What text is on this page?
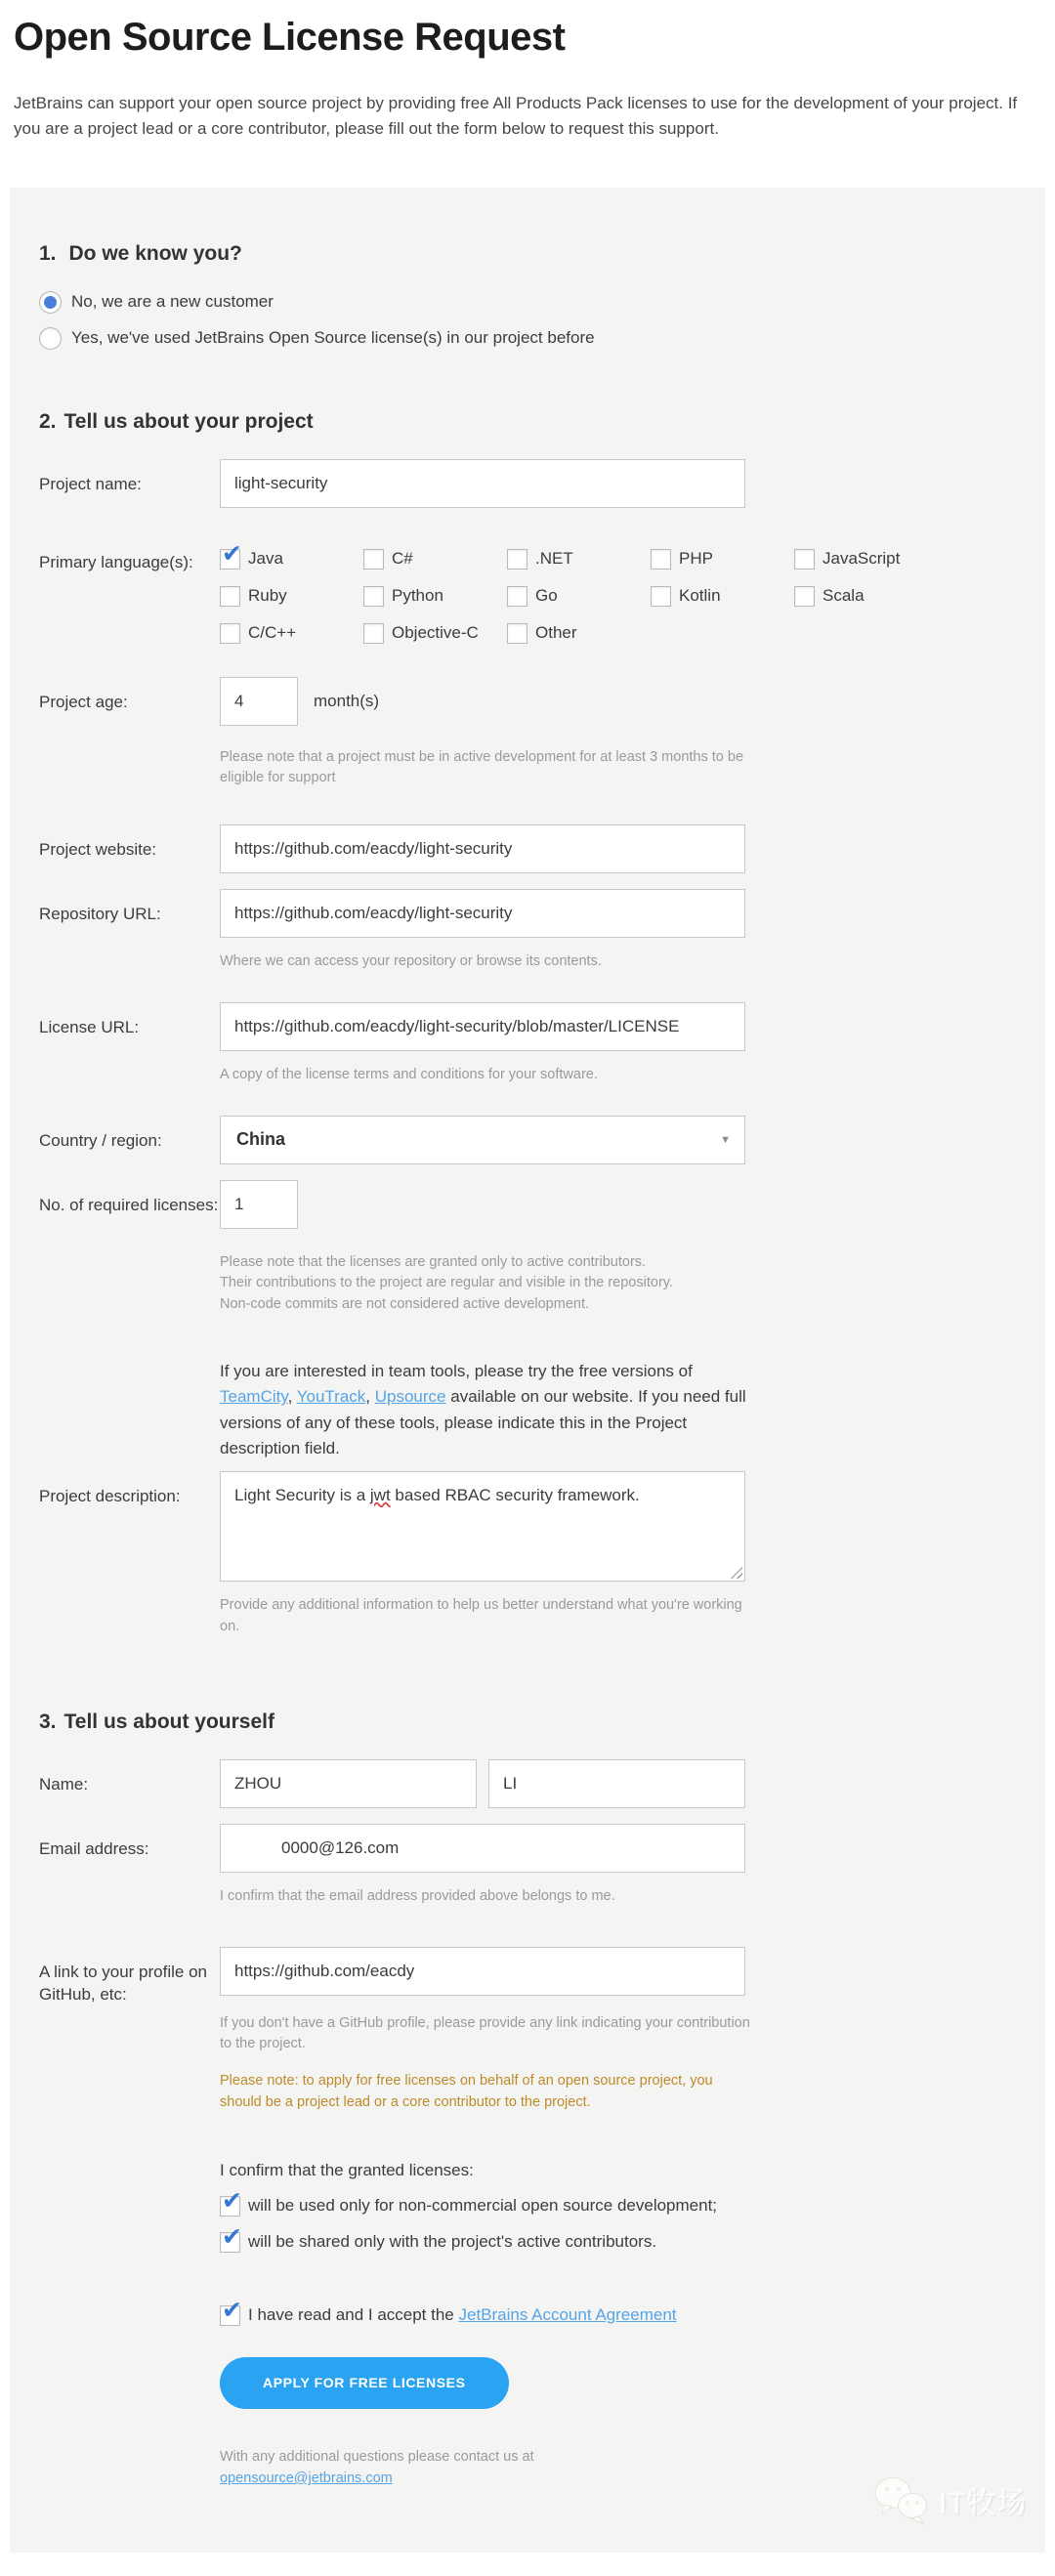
Open Source License Request

JetBrains can support your open source project by providing free All Products Pack licenses to use for the development of your project. If you are a project lead or a core contributor, please fill out the form below to request this support.

1. Do we know you?
No, we are a new customer
Yes, we've used JetBrains Open Source license(s) in our project before
2. Tell us about your project
Project name:
light-security
Primary language(s):	✔ Java	C#	.NET	PHP	JavaScript
Ruby	Python	Go	Kotlin	Scala
C/C++	Objective-C	Other
Project age:
4	month(s)

Please note that a project must be in active development for at least 3 months to be eligible for support

Project website:
https://github.com/eacdy/light-security
Repository URL:
https://github.com/eacdy/light-security

Where we can access your repository or browse its contents.

License URL:
https://github.com/eacdy/light-security/blob/master/LICENSE

A copy of the license terms and conditions for your software.

Country / region:	China	▼
No. of required licenses:
1

Please note that the licenses are granted only to active contributors.
Their contributions to the project are regular and visible in the repository.
Non-code commits are not considered active development.

If you are interested in team tools, please try the free versions of TeamCity, YouTrack, Upsource available on our website. If you need full versions of any of these tools, please indicate this in the Project description field.

Project description:	Light Security is a jwt based RBAC security framework.

Provide any additional information to help us better understand what you're working on.

3. Tell us about yourself
Name:
ZHOU
LI
Email address:
0000@126.com

I confirm that the email address provided above belongs to me.

A link to your profile on GitHub, etc:
https://github.com/eacdy

If you don't have a GitHub profile, please provide any link indicating your contribution to the project.

Please note: to apply for free licenses on behalf of an open source project, you should be a project lead or a core contributor to the project.

I confirm that the granted licenses:

✔ will be used only for non-commercial open source development;
✔ will be shared only with the project's active contributors.
✔ I have read and I accept the JetBrains Account Agreement
APPLY FOR FREE LICENSES

With any additional questions please contact us at
opensource@jetbrains.com

IT牧场
